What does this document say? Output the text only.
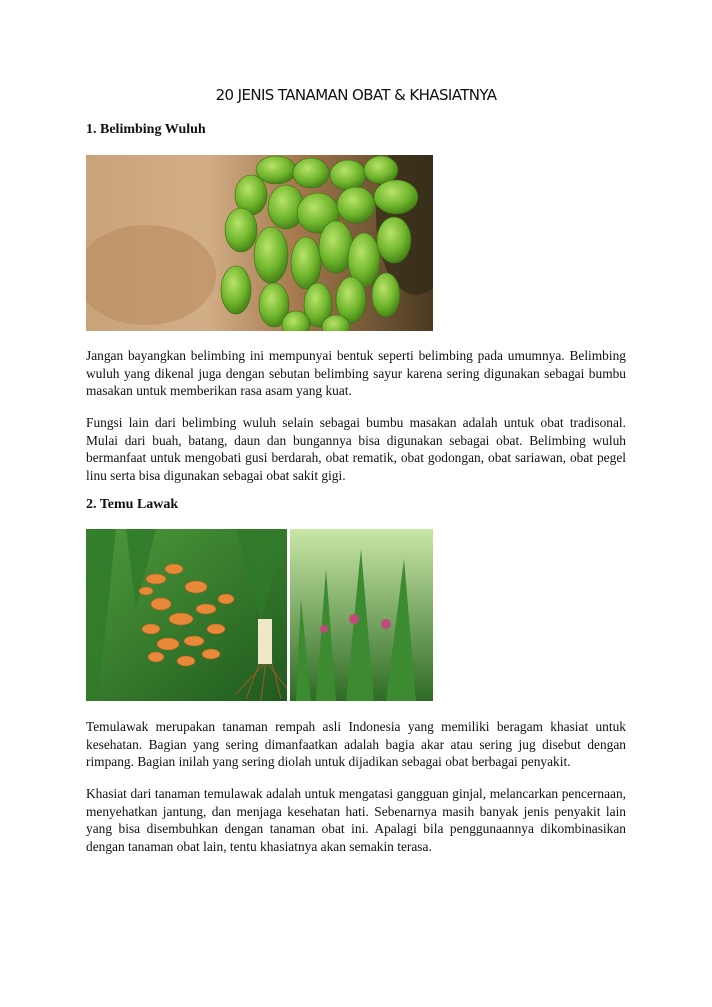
20 JENIS TANAMAN OBAT & KHASIATNYA
1. Belimbing Wuluh

Jangan bayangkan belimbing ini mempunyai bentuk seperti belimbing pada umumnya. Belimbing wuluh yang dikenal juga dengan sebutan belimbing sayur karena sering digunakan sebagai bumbu masakan untuk memberikan rasa asam yang kuat.

Fungsi lain dari belimbing wuluh selain sebagai bumbu masakan adalah untuk obat tradisonal. Mulai dari buah, batang, daun dan bungannya bisa digunakan sebagai obat. Belimbing wuluh bermanfaat untuk mengobati gusi berdarah, obat rematik, obat godongan, obat sariawan, obat pegel linu serta bisa digunakan sebagai obat sakit gigi.

2. Temu Lawak

Temulawak merupakan tanaman rempah asli Indonesia yang memiliki beragam khasiat untuk kesehatan. Bagian yang sering dimanfaatkan adalah bagia akar atau sering jug disebut dengan rimpang. Bagian inilah yang sering diolah untuk dijadikan sebagai obat berbagai penyakit.

Khasiat dari tanaman temulawak adalah untuk mengatasi gangguan ginjal, melancarkan pencernaan, menyehatkan jantung, dan menjaga kesehatan hati. Sebenarnya masih banyak jenis penyakit lain yang bisa disembuhkan dengan tanaman obat ini. Apalagi bila penggunaannya dikombinasikan dengan tanaman obat lain, tentu khasiatnya akan semakin terasa.
